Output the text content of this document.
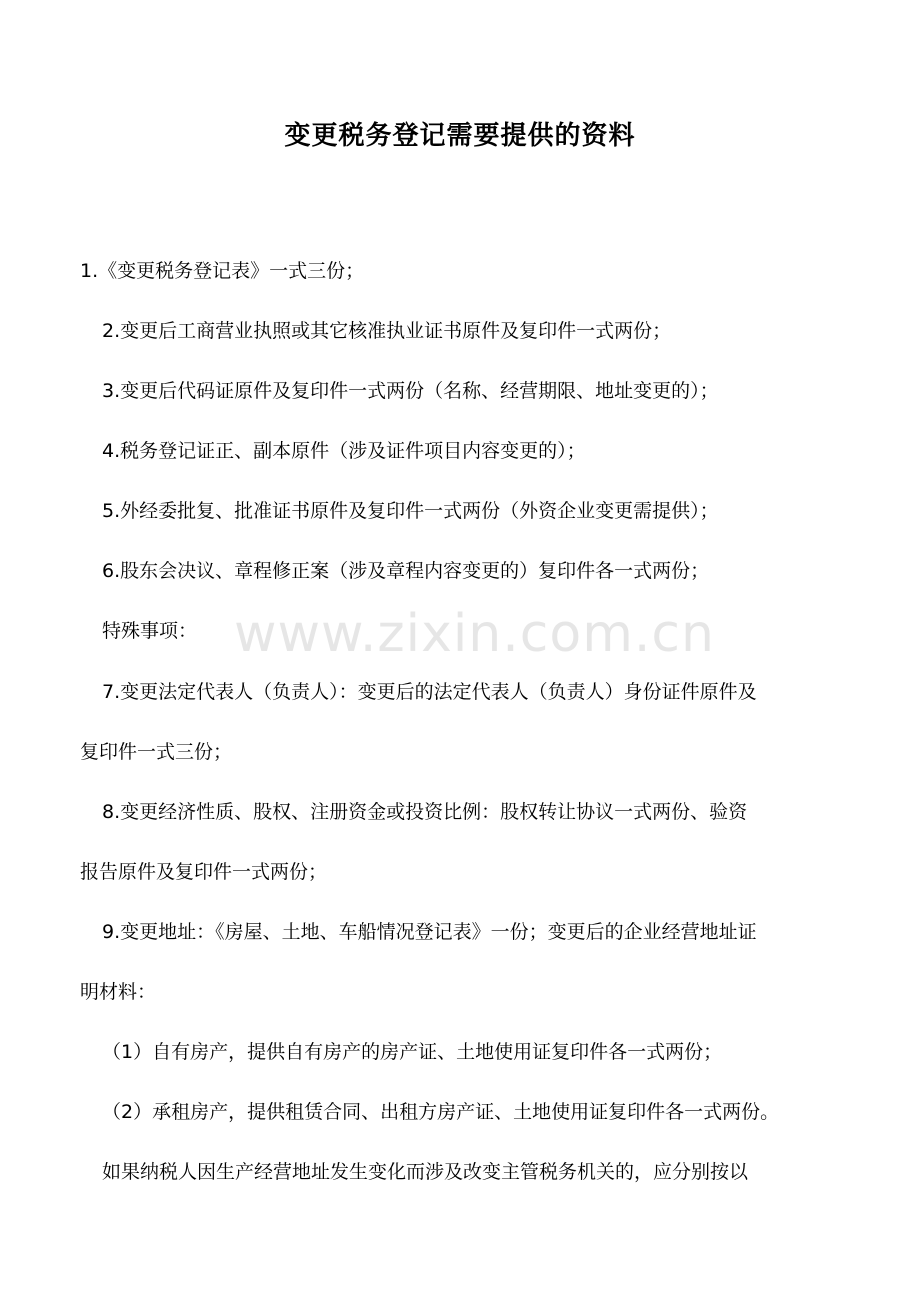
变更税务登记需要提供的资料
www.zixin.com.cn
1.《变更税务登记表》一式三份；
2.变更后工商营业执照或其它核准执业证书原件及复印件一式两份；
3.变更后代码证原件及复印件一式两份（名称、经营期限、地址变更的）；
4.税务登记证正、副本原件（涉及证件项目内容变更的）；
5.外经委批复、批准证书原件及复印件一式两份（外资企业变更需提供）；
6.股东会决议、章程修正案（涉及章程内容变更的）复印件各一式两份；
特殊事项：
7.变更法定代表人（负责人）：变更后的法定代表人（负责人）身份证件原件及
复印件一式三份；
8.变更经济性质、股权、注册资金或投资比例：股权转让协议一式两份、验资
报告原件及复印件一式两份；
9.变更地址：《房屋、土地、车船情况登记表》一份；变更后的企业经营地址证
明材料：
（1）自有房产，提供自有房产的房产证、土地使用证复印件各一式两份；
（2）承租房产，提供租赁合同、出租方房产证、土地使用证复印件各一式两份。
如果纳税人因生产经营地址发生变化而涉及改变主管税务机关的，应分别按以
